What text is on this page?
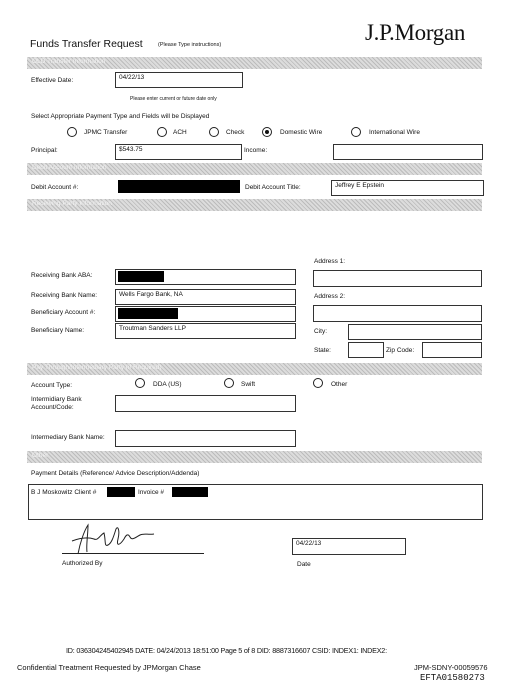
Funds Transfer Request	(Please Type instructions)	J.P.Morgan
OLD Transfer Information
Effective Date:	04/22/13
Please enter current or future date only
Select Appropriate Payment Type and Fields will be Displayed
JPMC Transfer	ACH	Check	Domestic Wire	International Wire
Principal:	$543.75	Income:
Debit Account Information
Debit Account #:	Debit Account Title:	Jeffrey E Epstein
Receiving Party Information
Address 1:
Receiving Bank ABA:
Receiving Bank Name:	Wells Fargo Bank, NA	Address 2:
Beneficiary Account #:
Beneficiary Name:	Troutman Sanders LLP	City:
State:	Zip Code:
Pay Through/Intermediary Party (if Required)
Account Type:	DDA (US)	Swift	Other
Intermidiary Bank Account/Code:
Intermediary Bank Name:
Other
Payment Details (Reference/ Advice Description/Addenda)
B J Moskowitz Client #	Invoice #
Authorized By
04/22/13
Date
ID: 036304245402945 DATE: 04/24/2013 18:51:00 Page 5 of 8 DID: 8887316607 CSID: INDEX1: INDEX2:
Confidential Treatment Requested by JPMorgan Chase	JPM-SDNY-00059576
EFTA01580273
